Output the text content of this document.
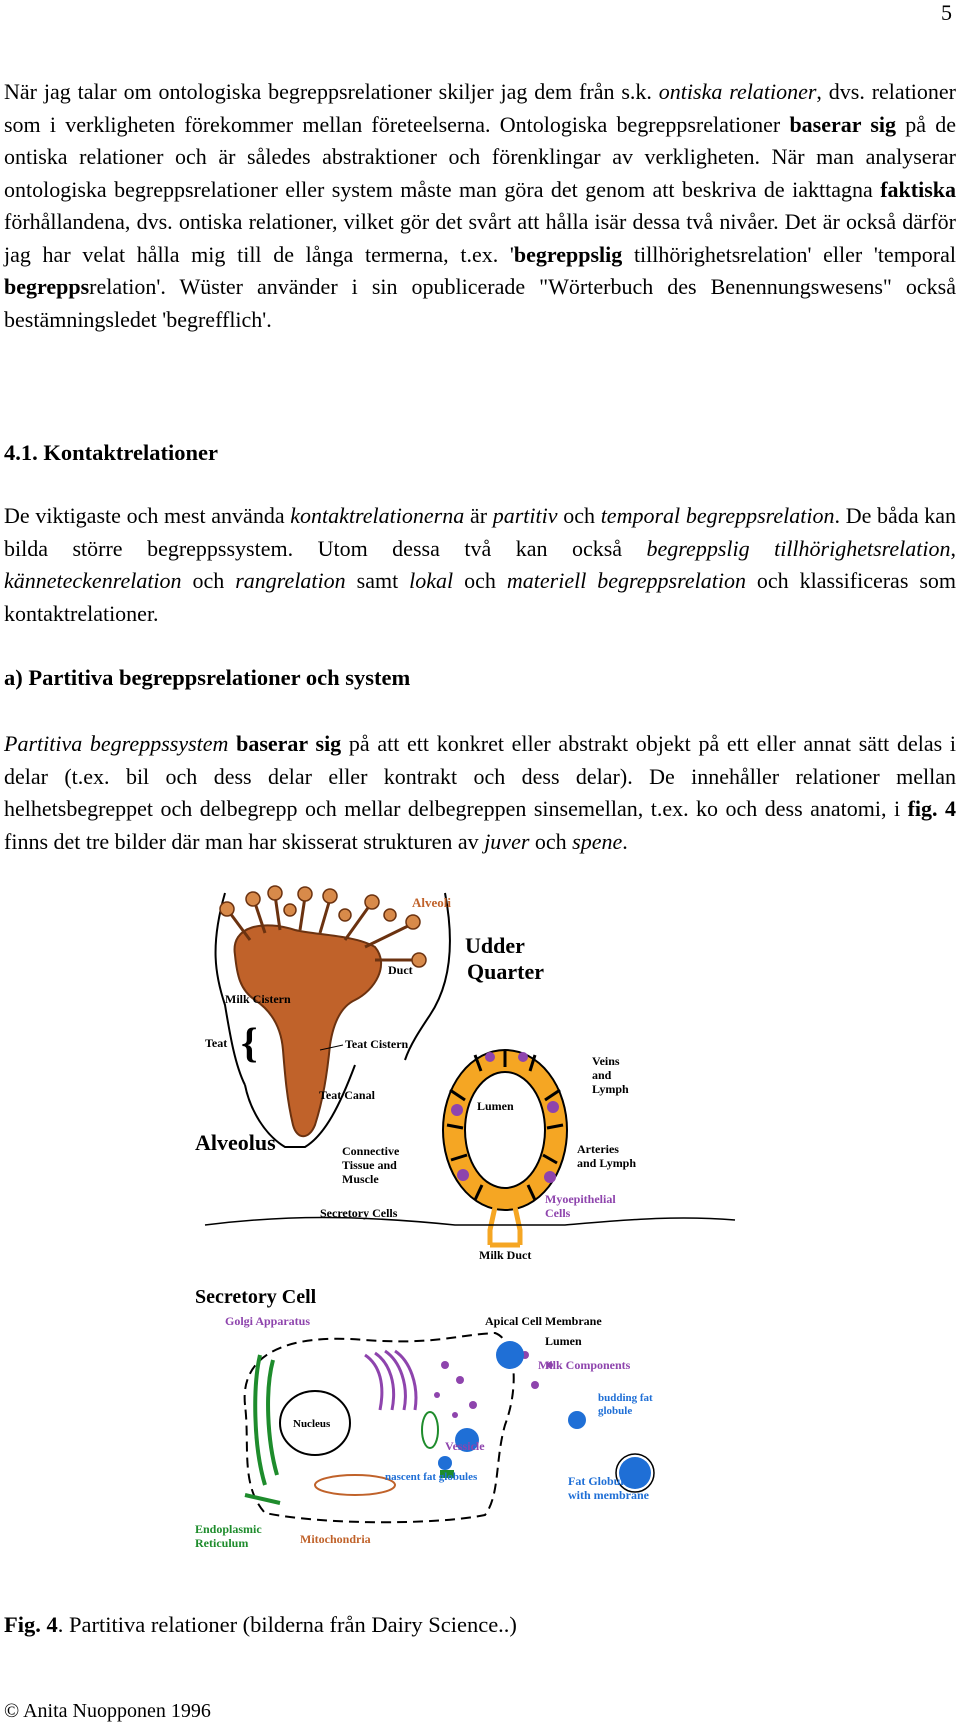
5
När jag talar om ontologiska begreppsrelationer skiljer jag dem från s.k. ontiska relationer, dvs. relationer som i verkligheten förekommer mellan företeelserna. Ontologiska begreppsrelationer baserar sig på de ontiska relationer och är således abstraktioner och förenklingar av verkligheten. När man analyserar ontologiska begreppsrelationer eller system måste man göra det genom att beskriva de iakttagna faktiska förhållandena, dvs. ontiska relationer, vilket gör det svårt att hålla isär dessa två nivåer. Det är också därför jag har velat hålla mig till de långa termerna, t.ex. 'begreppslig tillhörighetsrelation' eller 'temporal begreppsrelation'. Wüster använder i sin opublicerade "Wörterbuch des Benennungswesens" också bestämningsledet 'begrefflich'.
4.1. Kontaktrelationer
De viktigaste och mest använda kontaktrelationerna är partitiv och temporal begreppsrelation. De båda kan bilda större begreppssystem. Utom dessa två kan också begreppslig tillhörighetsrelation, känneteckenrelation och rangrelation samt lokal och materiell begreppsrelation och klassificeras som kontaktrelationer.
a) Partitiva begreppsrelationer och system
Partitiva begreppssystem baserar sig på att ett konkret eller abstrakt objekt på ett eller annat sätt delas i delar (t.ex. bil och dess delar eller kontrakt och dess delar). De innehåller relationer mellan helhetsbegreppet och delbegrepp och mellar delbegreppen sinsemellan, t.ex. ko och dess anatomi, i fig. 4 finns det tre bilder där man har skisserat strukturen av juver och spene.
Milk Cistern
Alveoli
Udder
Quarter
Duct
Teat {	Teat Cistern
Teat Canal
Alveolus
Lumen
Veins
and
Lymph
Connective
Tissue and
Muscle
Arteries
and Lymph
Myoepithelial
Cells
Secretory Cells
Milk Duct
Secretory Cell
Golgi Apparatus	Apical Cell Membrane
Nucleus
Lumen
Milk Components
budding fat
globule
Vessicle
nascent fat globules	Fat Globule -
with membrane
Endoplasmic
Reticulum	Mitochondria
Fig. 4. Partitiva relationer (bilderna från Dairy Science..)
© Anita Nuopponen 1996
